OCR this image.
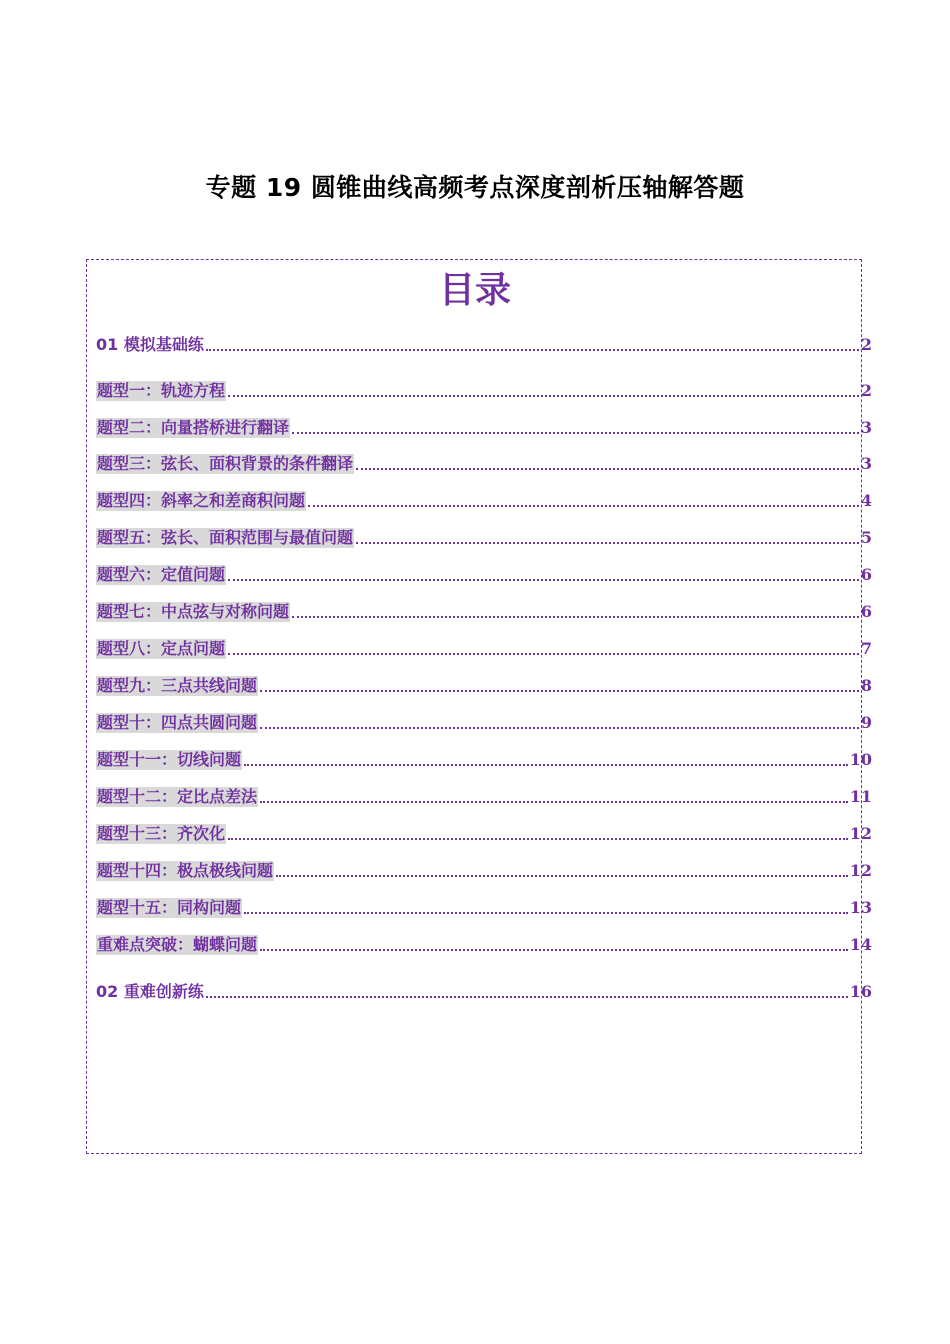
专题 19 圆锥曲线高频考点深度剖析压轴解答题
目录
01 模拟基础练	2
题型一：轨迹方程	2
题型二：向量搭桥进行翻译	3
题型三：弦长、面积背景的条件翻译	3
题型四：斜率之和差商积问题	4
题型五：弦长、面积范围与最值问题	5
题型六：定值问题	6
题型七：中点弦与对称问题	6
题型八：定点问题	7
题型九：三点共线问题	8
题型十：四点共圆问题	9
题型十一：切线问题	10
题型十二：定比点差法	11
题型十三：齐次化	12
题型十四：极点极线问题	12
题型十五：同构问题	13
重难点突破：蝴蝶问题	14
02 重难创新练	16
